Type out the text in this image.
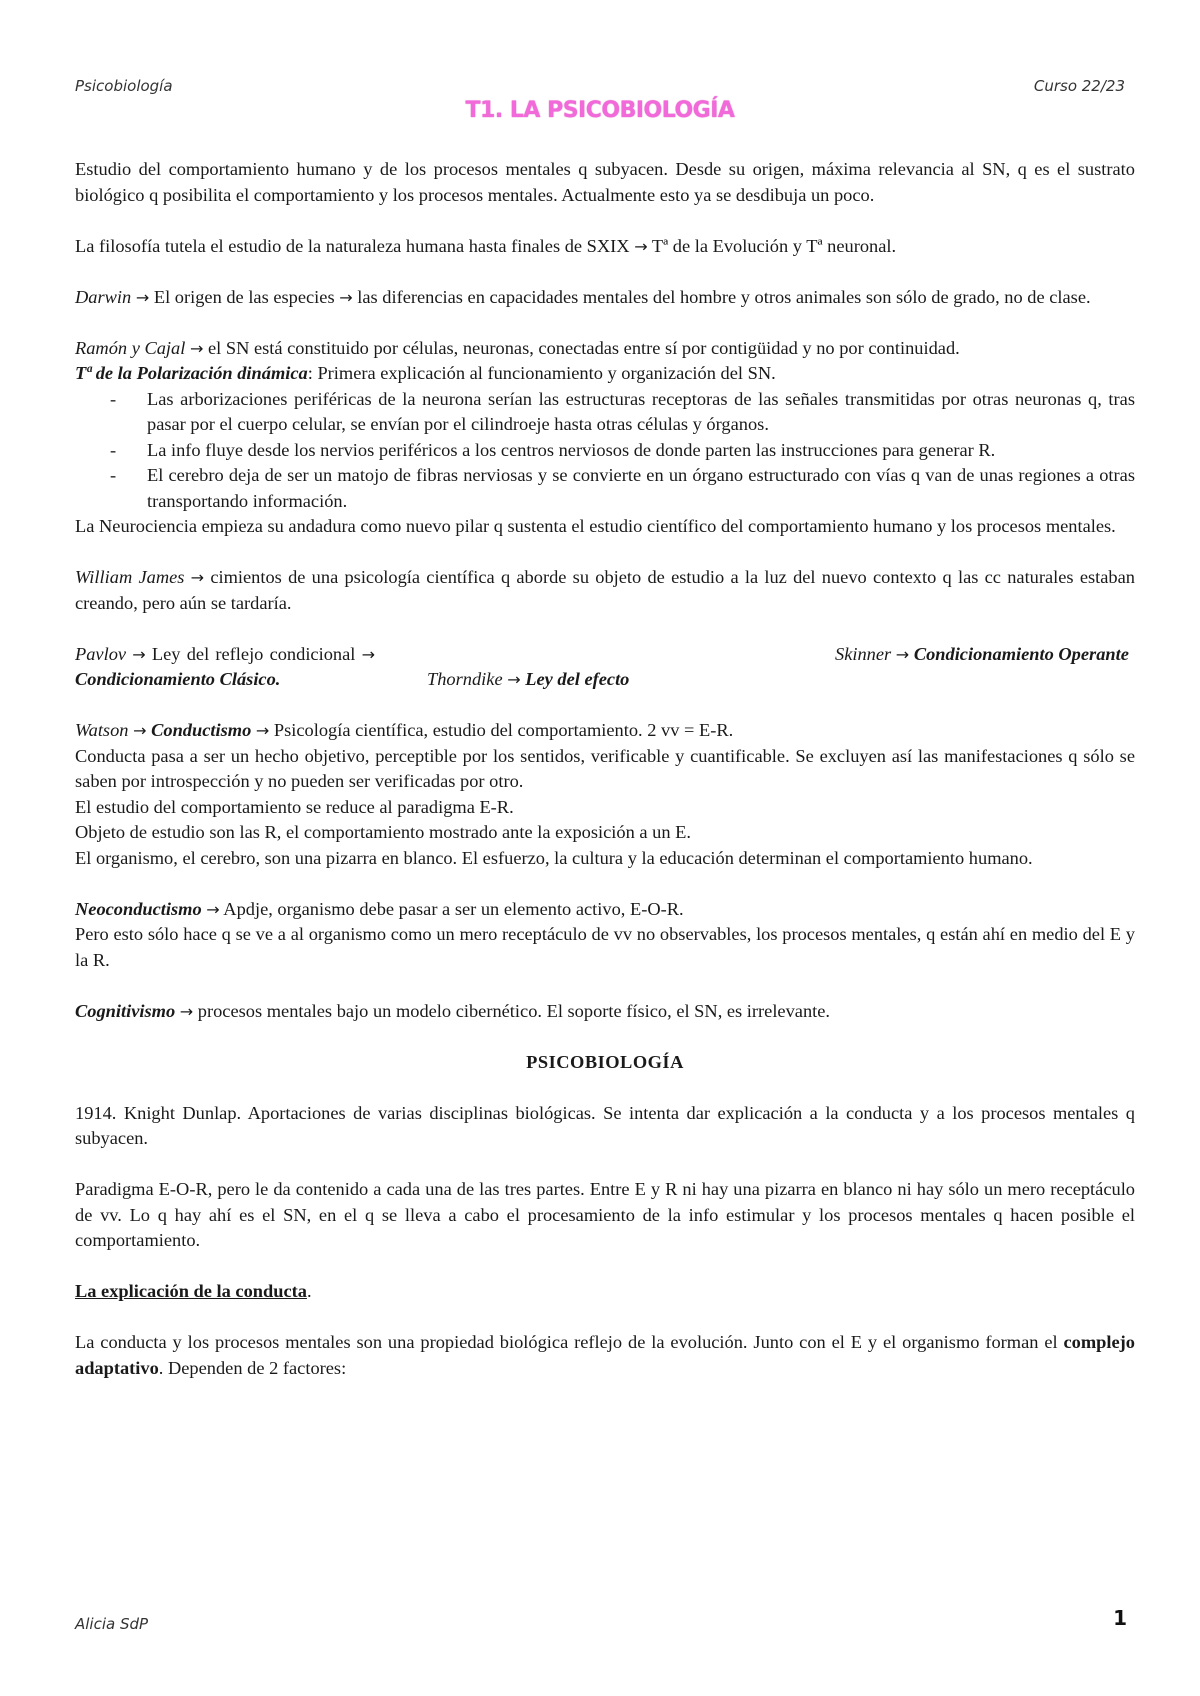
Psicobiología	Curso 22/23
T1. LA PSICOBIOLOGÍA

Estudio del comportamiento humano y de los procesos mentales q subyacen. Desde su origen, máxima relevancia al SN, q es el sustrato biológico q posibilita el comportamiento y los procesos mentales. Actualmente esto ya se desdibuja un poco.

La filosofía tutela el estudio de la naturaleza humana hasta finales de SXIX → Tª de la Evolución y Tª neuronal.

Darwin → El origen de las especies → las diferencias en capacidades mentales del hombre y otros animales son sólo de grado, no de clase.

Ramón y Cajal → el SN está constituido por células, neuronas, conectadas entre sí por contigüidad y no por continuidad.

Tª de la Polarización dinámica: Primera explicación al funcionamiento y organización del SN.

- Las arborizaciones periféricas de la neurona serían las estructuras receptoras de las señales transmitidas por otras neuronas q, tras pasar por el cuerpo celular, se envían por el cilindroeje hasta otras células y órganos.
- La info fluye desde los nervios periféricos a los centros nerviosos de donde parten las instrucciones para generar R.
- El cerebro deja de ser un matojo de fibras nerviosas y se convierte en un órgano estructurado con vías q van de unas regiones a otras transportando información.

La Neurociencia empieza su andadura como nuevo pilar q sustenta el estudio científico del comportamiento humano y los procesos mentales.

William James → cimientos de una psicología científica q aborde su objeto de estudio a la luz del nuevo contexto q las cc naturales estaban creando, pero aún se tardaría.

Pavlov → Ley del reflejo condicional → Condicionamiento Clásico.	Thorndike → Ley del efecto
Skinner → Condicionamiento Operante

Watson → Conductismo → Psicología científica, estudio del comportamiento. 2 vv = E-R.

Conducta pasa a ser un hecho objetivo, perceptible por los sentidos, verificable y cuantificable. Se excluyen así las manifestaciones q sólo se saben por introspección y no pueden ser verificadas por otro.

El estudio del comportamiento se reduce al paradigma E-R.

Objeto de estudio son las R, el comportamiento mostrado ante la exposición a un E.

El organismo, el cerebro, son una pizarra en blanco. El esfuerzo, la cultura y la educación determinan el comportamiento humano.

Neoconductismo → Apdje, organismo debe pasar a ser un elemento activo, E-O-R.

Pero esto sólo hace q se ve a al organismo como un mero receptáculo de vv no observables, los procesos mentales, q están ahí en medio del E y la R.

Cognitivismo → procesos mentales bajo un modelo cibernético. El soporte físico, el SN, es irrelevante.

PSICOBIOLOGÍA

1914. Knight Dunlap. Aportaciones de varias disciplinas biológicas. Se intenta dar explicación a la conducta y a los procesos mentales q subyacen.

Paradigma E-O-R, pero le da contenido a cada una de las tres partes. Entre E y R ni hay una pizarra en blanco ni hay sólo un mero receptáculo de vv. Lo q hay ahí es el SN, en el q se lleva a cabo el procesamiento de la info estimular y los procesos mentales q hacen posible el comportamiento.

La explicación de la conducta.

La conducta y los procesos mentales son una propiedad biológica reflejo de la evolución. Junto con el E y el organismo forman el complejo adaptativo. Dependen de 2 factores:

Alicia SdP	1
